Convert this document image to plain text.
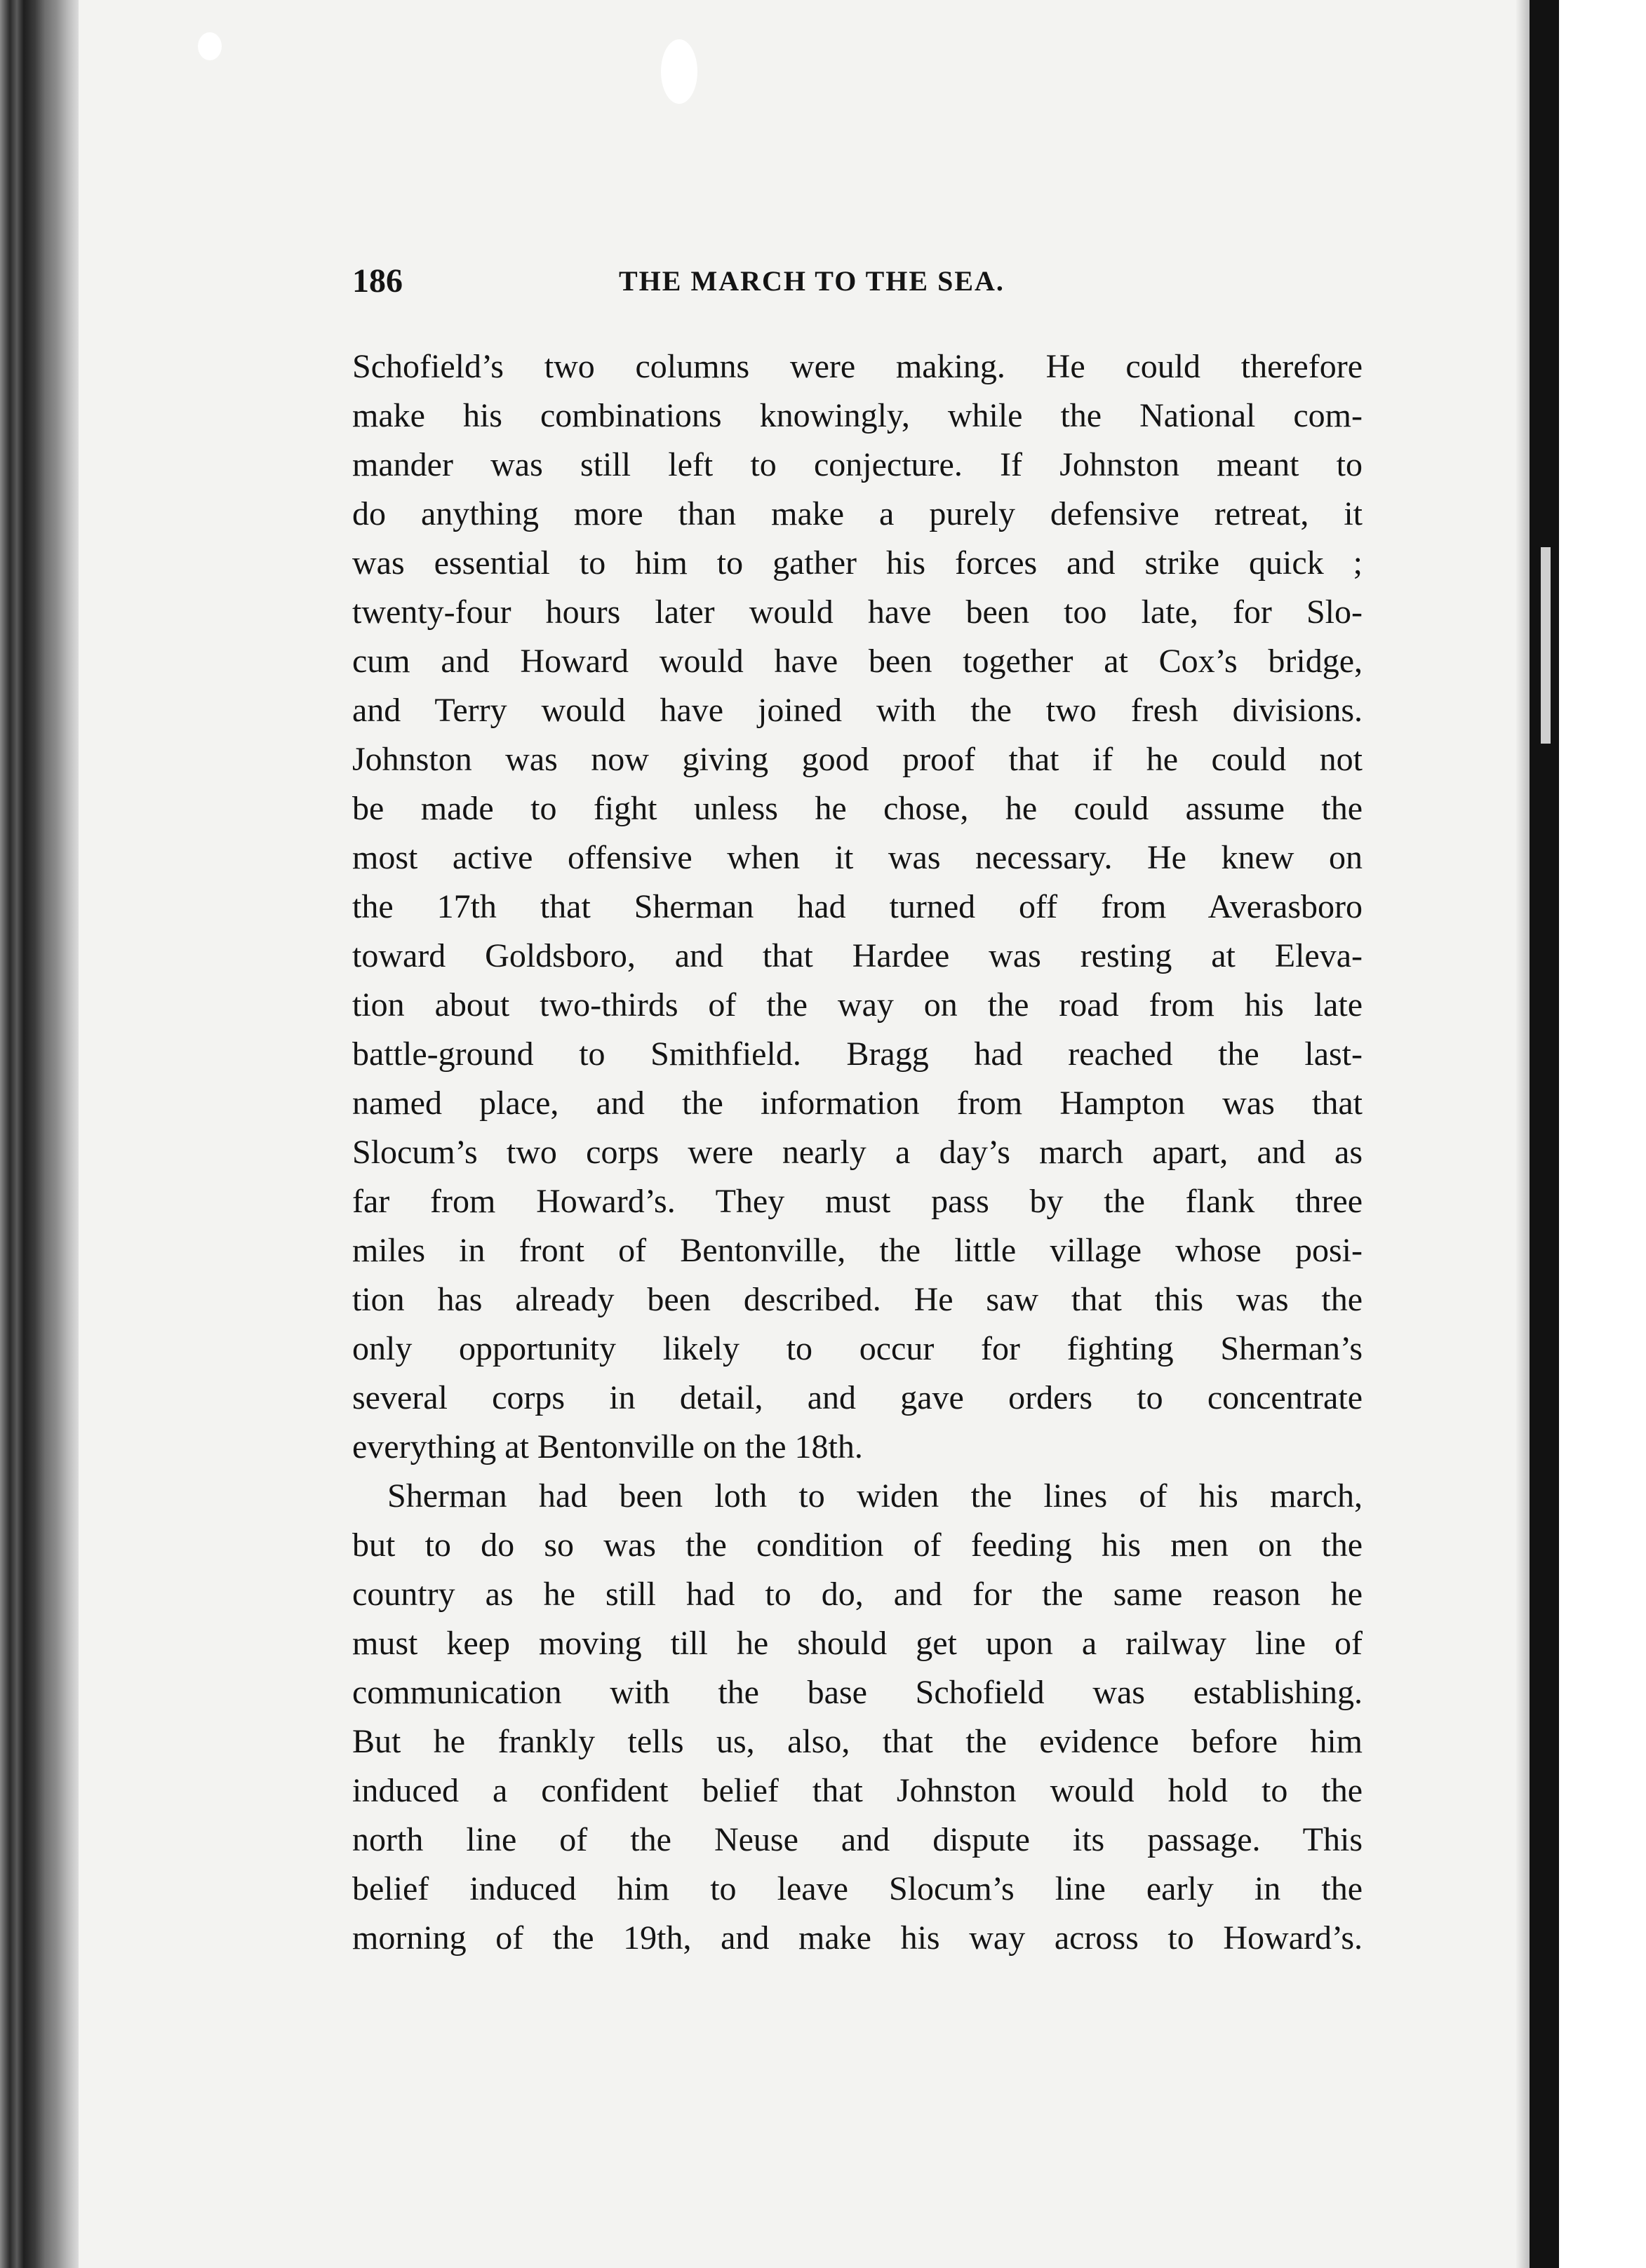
186	THE MARCH TO THE SEA.
Schofield’s two columns were making. He could therefore
make his combinations knowingly, while the National com-
mander was still left to conjecture. If Johnston meant to
do anything more than make a purely defensive retreat, it
was essential to him to gather his forces and strike quick ;
twenty-four hours later would have been too late, for Slo-
cum and Howard would have been together at Cox’s bridge,
and Terry would have joined with the two fresh divisions.
Johnston was now giving good proof that if he could not
be made to fight unless he chose, he could assume the
most active offensive when it was necessary. He knew on
the 17th that Sherman had turned off from Averasboro
toward Goldsboro, and that Hardee was resting at Eleva-
tion about two-thirds of the way on the road from his late
battle-ground to Smithfield. Bragg had reached the last-
named place, and the information from Hampton was that
Slocum’s two corps were nearly a day’s march apart, and as
far from Howard’s. They must pass by the flank three
miles in front of Bentonville, the little village whose posi-
tion has already been described. He saw that this was the
only opportunity likely to occur for fighting Sherman’s
several corps in detail, and gave orders to concentrate
everything at Bentonville on the 18th.
Sherman had been loth to widen the lines of his march,
but to do so was the condition of feeding his men on the
country as he still had to do, and for the same reason he
must keep moving till he should get upon a railway line of
communication with the base Schofield was establishing.
But he frankly tells us, also, that the evidence before him
induced a confident belief that Johnston would hold to the
north line of the Neuse and dispute its passage. This
belief induced him to leave Slocum’s line early in the
morning of the 19th, and make his way across to Howard’s.
